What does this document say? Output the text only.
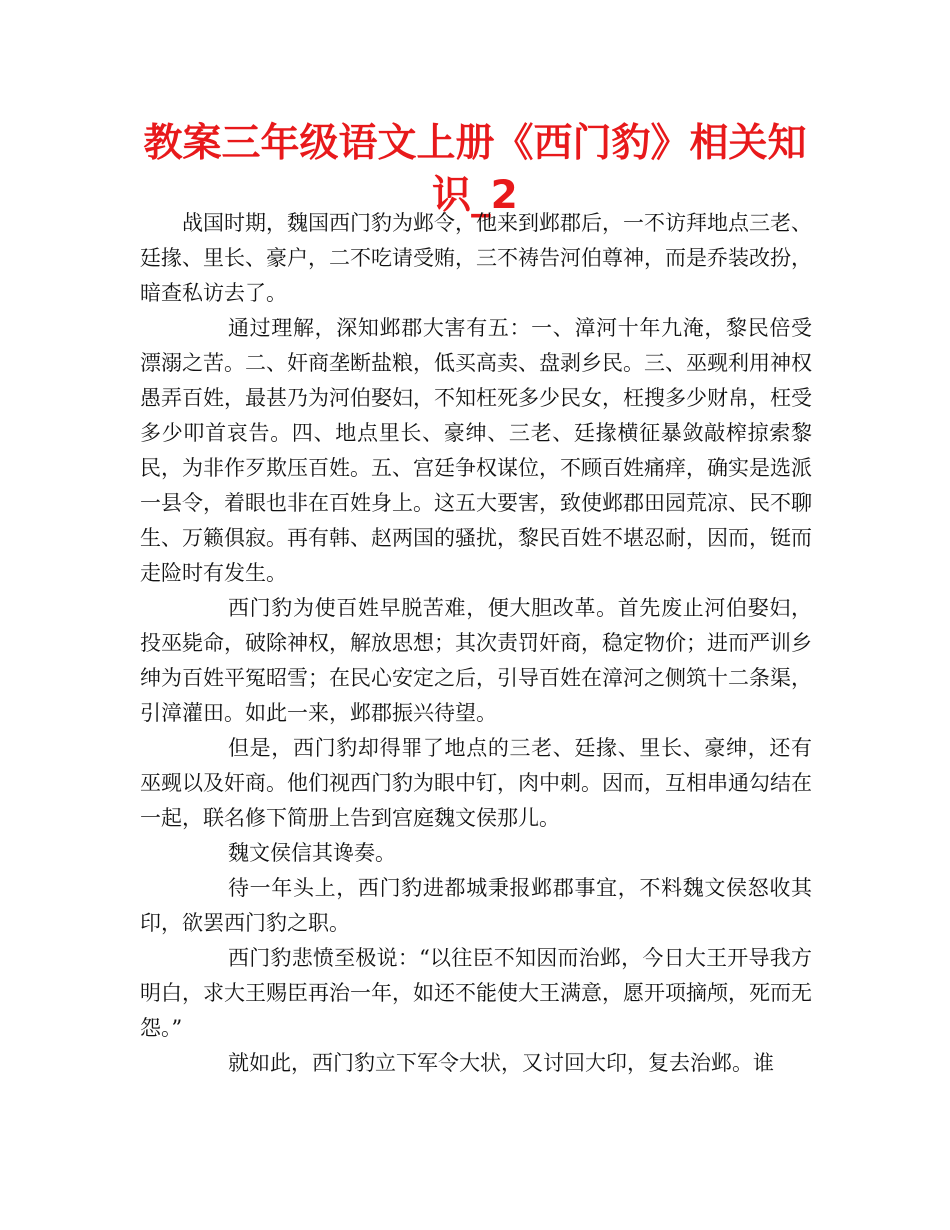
教案三年级语文上册《西门豹》相关知识_2

战国时期，魏国西门豹为邺令，他来到邺郡后，一不访拜地点三老、廷掾、里长、豪户，二不吃请受贿，三不祷告河伯尊神，而是乔装改扮，暗查私访去了。

通过理解，深知邺郡大害有五：一、漳河十年九淹，黎民倍受漂溺之苦。二、奸商垄断盐粮，低买高卖、盘剥乡民。三、巫觋利用神权愚弄百姓，最甚乃为河伯娶妇，不知枉死多少民女，枉搜多少财帛，枉受多少叩首哀告。四、地点里长、豪绅、三老、廷掾横征暴敛敲榨掠索黎民，为非作歹欺压百姓。五、宫廷争权谋位，不顾百姓痛痒，确实是选派一县令，着眼也非在百姓身上。这五大要害，致使邺郡田园荒凉、民不聊生、万籁俱寂。再有韩、赵两国的骚扰，黎民百姓不堪忍耐，因而，铤而走险时有发生。

西门豹为使百姓早脱苦难，便大胆改革。首先废止河伯娶妇，投巫毙命，破除神权，解放思想；其次责罚奸商，稳定物价；进而严训乡绅为百姓平冤昭雪；在民心安定之后，引导百姓在漳河之侧筑十二条渠，引漳灌田。如此一来，邺郡振兴待望。

但是，西门豹却得罪了地点的三老、廷掾、里长、豪绅，还有巫觋以及奸商。他们视西门豹为眼中钉，肉中刺。因而，互相串通勾结在一起，联名修下简册上告到宫庭魏文侯那儿。

魏文侯信其谗奏。

待一年头上，西门豹进都城秉报邺郡事宜，不料魏文侯怒收其印，欲罢西门豹之职。

西门豹悲愤至极说：“以往臣不知因而治邺，今日大王开导我方明白，求大王赐臣再治一年，如还不能使大王满意，愿开项摘颅，死而无怨。”

就如此，西门豹立下军令大状，又讨回大印，复去治邺。谁
